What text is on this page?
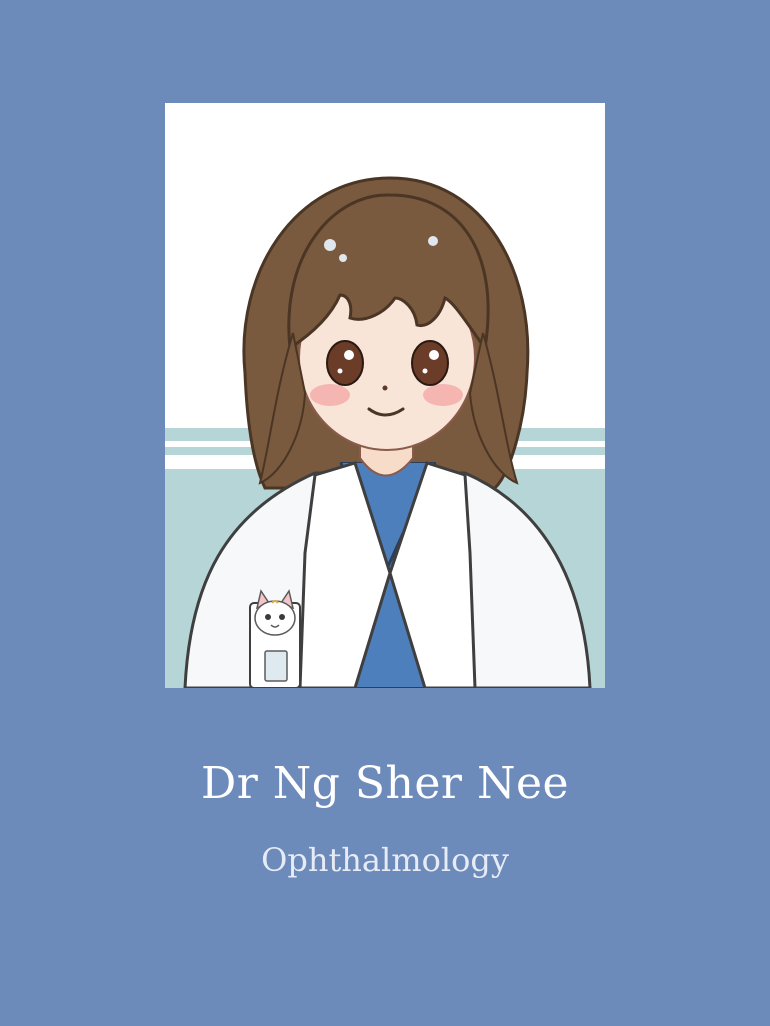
Dr Ng Sher Nee
Ophthalmology
